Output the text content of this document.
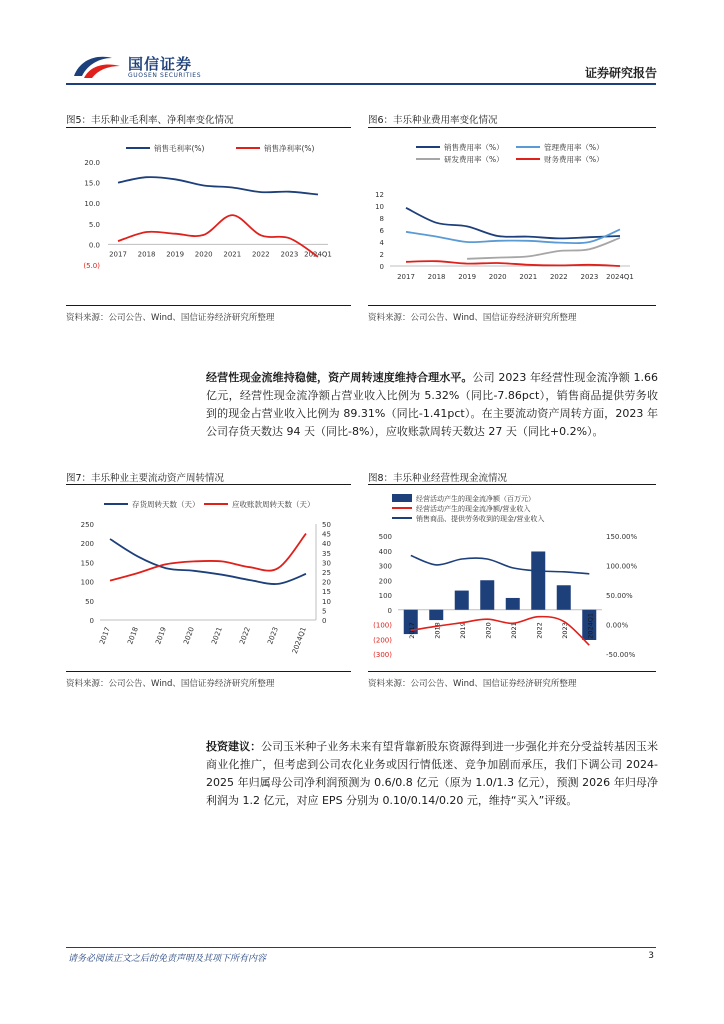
国信证券
GUOSEN SECURITIES	证券研究报告
图5：丰乐种业毛利率、净利率变化情况
销售毛利率(%)	销售净利率(%)
20.0
15.0
10.0
5.0
0.0
(5.0)
2017 2018 2019 2020 2021 2022 2023 2024Q1
资料来源：公司公告、Wind、国信证券经济研究所整理
图6：丰乐种业费用率变化情况
销售费用率（%）	管理费用率（%）
研发费用率（%）	财务费用率（%）
0
2
4
6
8
10
12
2017 2018 2019 2020 2021 2022 2023 2024Q1
资料来源：公司公告、Wind、国信证券经济研究所整理
经营性现金流维持稳健，资产周转速度维持合理水平。公司 2023 年经营性现金流净额 1.66 亿元，经营性现金流净额占营业收入比例为 5.32%（同比-7.86pct），销售商品提供劳务收到的现金占营业收入比例为 89.31%（同比-1.41pct）。在主要流动资产周转方面，2023 年公司存货天数达 94 天（同比-8%），应收账款周转天数达 27 天（同比+0.2%）。
图7：丰乐种业主要流动资产周转情况
存货周转天数（天）	应收账款周转天数（天）
0
50
100
150
200
250
0
5
10
15
20
25
30
35
40
45
50
2017 2018 2019 2020 2021 2022 2023 2024Q1
资料来源：公司公告、Wind、国信证券经济研究所整理
图8：丰乐种业经营性现金流情况
经营活动产生的现金流净额（百万元）
经营活动产生的现金流净额/营业收入
销售商品、提供劳务收到的现金/营业收入
500
400
300
200
100
0
(100)
(200)
(300)
150.00%
100.00%
50.00%
0.00%
-50.00%
2017	2018	2019	2020	2021	2022	2023	2024Q1
资料来源：公司公告、Wind、国信证券经济研究所整理
投资建议：公司玉米种子业务未来有望背靠新股东资源得到进一步强化并充分受益转基因玉米商业化推广，但考虑到公司农化业务或因行情低迷、竞争加剧而承压，我们下调公司 2024-2025 年归属母公司净利润预测为 0.6/0.8 亿元（原为 1.0/1.3 亿元），预测 2026 年归母净利润为 1.2 亿元，对应 EPS 分别为 0.10/0.14/0.20 元，维持“买入”评级。
请务必阅读正文之后的免责声明及其项下所有内容	3
